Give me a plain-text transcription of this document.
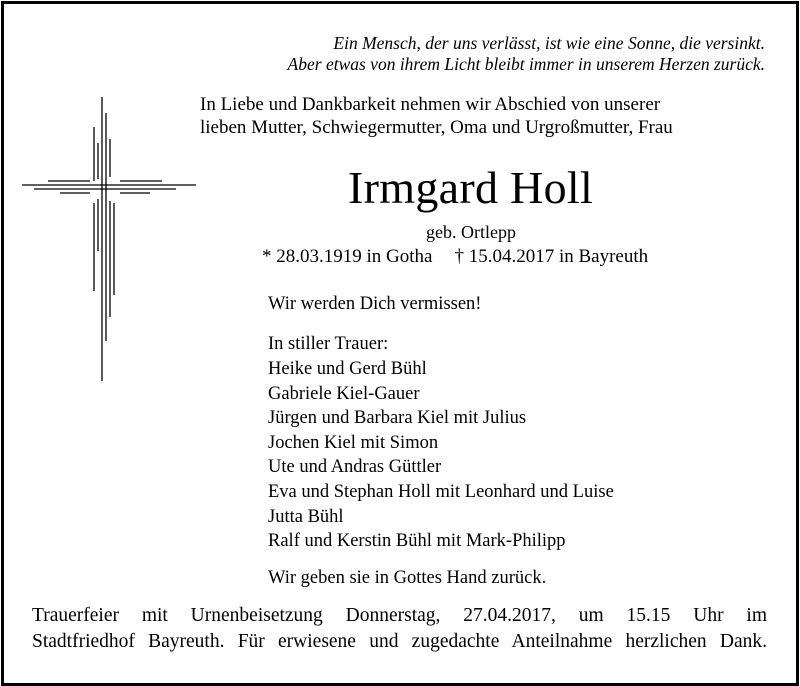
Ein Mensch, der uns verlässt, ist wie eine Sonne, die versinkt.
Aber etwas von ihrem Licht bleibt immer in unserem Herzen zurück.
In Liebe und Dankbarkeit nehmen wir Abschied von unserer
lieben Mutter, Schwiegermutter, Oma und Urgroßmutter, Frau
Irmgard Holl
geb. Ortlepp
* 28.03.1919 in Gotha † 15.04.2017 in Bayreuth
Wir werden Dich vermissen!
In stiller Trauer:
Heike und Gerd Bühl
Gabriele Kiel-Gauer
Jürgen und Barbara Kiel mit Julius
Jochen Kiel mit Simon
Ute und Andras Güttler
Eva und Stephan Holl mit Leonhard und Luise
Jutta Bühl
Ralf und Kerstin Bühl mit Mark-Philipp
Wir geben sie in Gottes Hand zurück.
Trauerfeier mit Urnenbeisetzung Donnerstag, 27.04.2017, um 15.15 Uhr im
Stadtfriedhof Bayreuth. Für erwiesene und zugedachte Anteilnahme herzlichen Dank.
